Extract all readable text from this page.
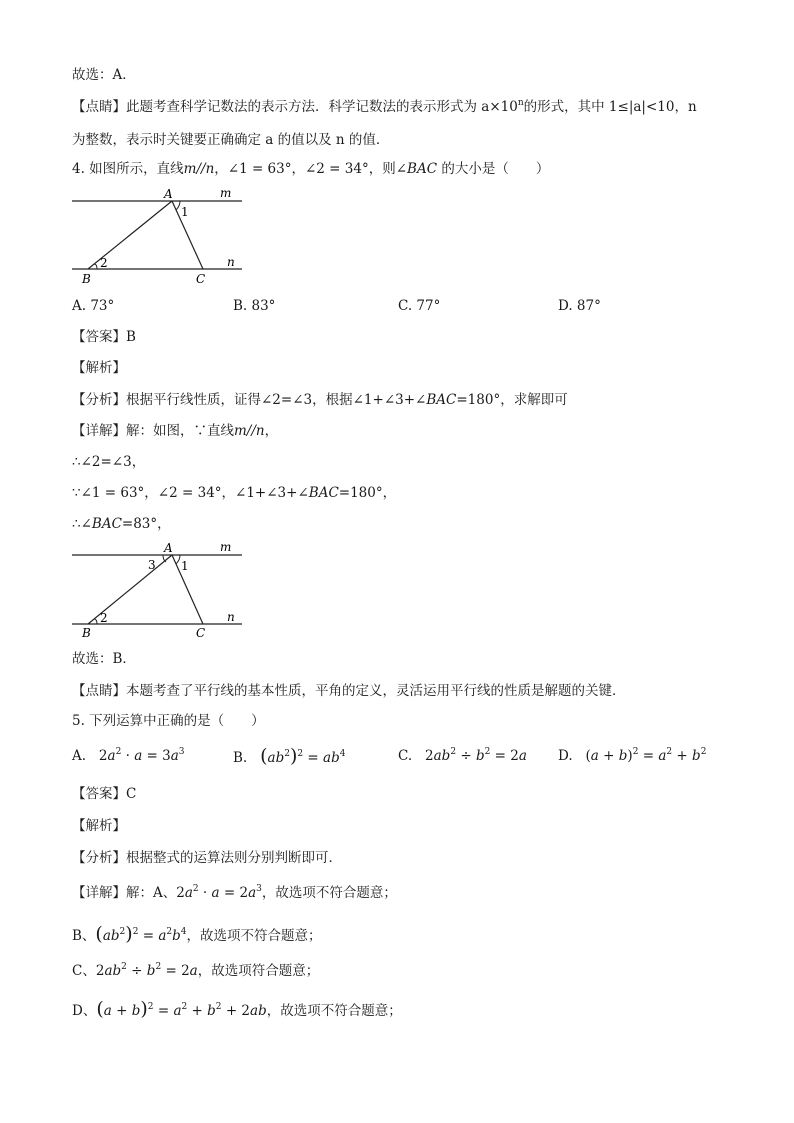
故选：A．
【点睛】此题考查科学记数法的表示方法．科学记数法的表示形式为 $a\times 10^n$的形式，其中 1≤|a|<10，n
为整数，表示时关键要正确确定 a 的值以及 n 的值．
4. 如图所示，直线m//n，∠1 = 63°，∠2 = 34°，则∠BAC 的大小是（　　）
A	m
1
2	n
B	C
A. 73°	B. 83°	C. 77°	D. 87°
【答案】B
【解析】
【分析】根据平行线性质，证得∠2=∠3，根据∠1+∠3+∠BAC=180°，求解即可
【详解】解：如图，∵直线m//n，
∴∠2=∠3，
∵∠1 = 63°，∠2 = 34°，∠1+∠3+∠BAC=180°，
∴∠BAC=83°，
A	m
3 1
2	n
B	C
故选：B．
【点睛】本题考查了平行线的基本性质，平角的定义，灵活运用平行线的性质是解题的关键．
5. 下列运算中正确的是（　　）
A.   $2a^2 \cdot a = 3a^3$	B. $(ab^2)^2 = ab^4$	C.   $2ab^2 \div b^2 = 2a$ D.   $(a + b)^2 = a^2 + b^2$
【答案】C
【解析】
【分析】根据整式的运算法则分别判断即可．
【详解】解：A、$2a^2 \cdot a = 2a^3$，故选项不符合题意；
B、$(ab^2)^2 = a^2b^4$，故选项不符合题意；
C、$2ab^2 \div b^2 = 2a$，故选项符合题意；
D、$(a + b)^2 = a^2 + b^2 + 2ab$，故选项不符合题意；
